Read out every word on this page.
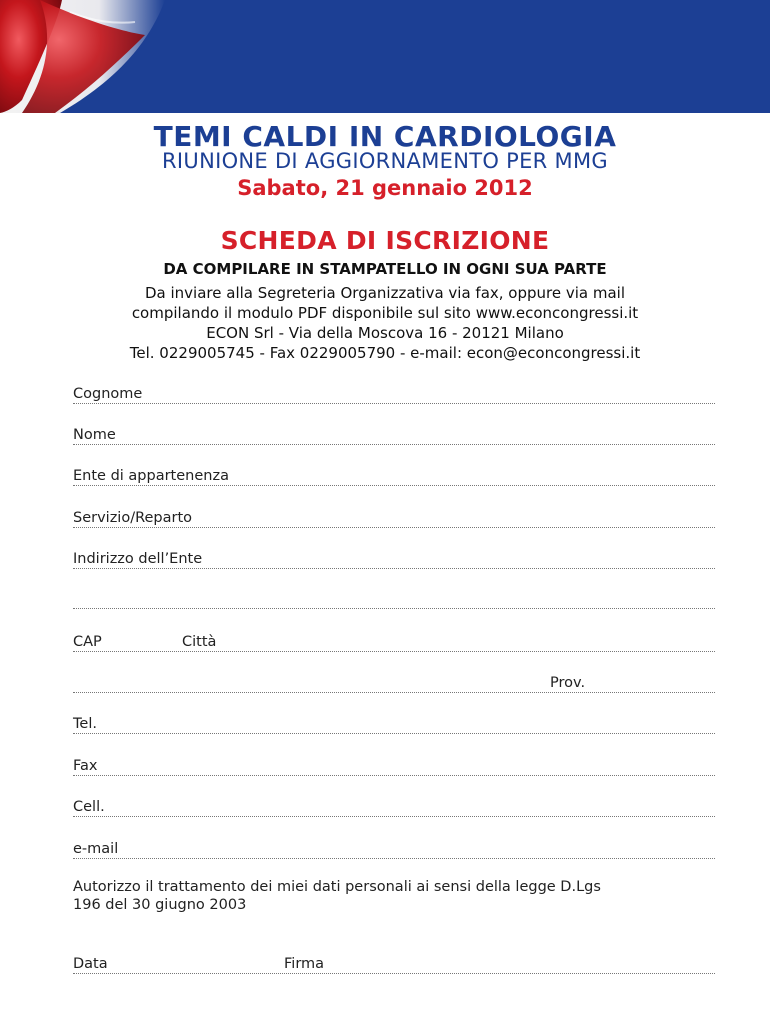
TEMI CALDI IN CARDIOLOGIA
RIUNIONE DI AGGIORNAMENTO PER MMG
Sabato, 21 gennaio 2012
SCHEDA DI ISCRIZIONE
DA COMPILARE IN STAMPATELLO IN OGNI SUA PARTE
Da inviare alla Segreteria Organizzativa via fax, oppure via mail
compilando il modulo PDF disponibile sul sito www.econcongressi.it
ECON Srl - Via della Moscova 16 - 20121 Milano
Tel. 0229005745 - Fax 0229005790 - e-mail: econ@econcongressi.it
Cognome
Nome
Ente di appartenenza
Servizio/Reparto
Indirizzo dell’Ente
CAP	Città
Prov.
Tel.
Fax
Cell.
e-mail
Autorizzo il trattamento dei miei dati personali ai sensi della legge D.Lgs
196 del 30 giugno 2003
Data	Firma
